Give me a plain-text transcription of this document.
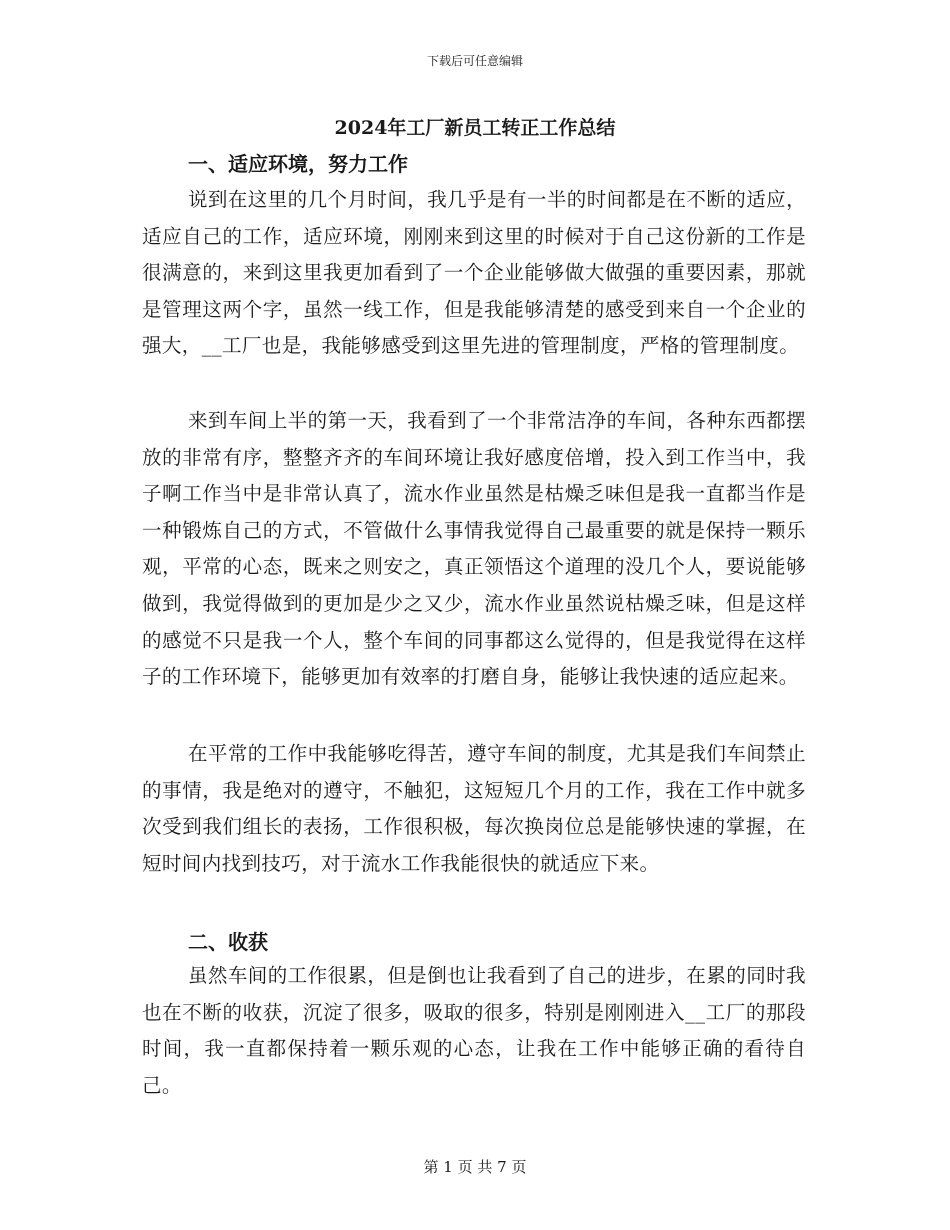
下载后可任意编辑
2024年工厂新员工转正工作总结
一、适应环境，努力工作
说到在这里的几个月时间，我几乎是有一半的时间都是在不断的适应，适应自己的工作，适应环境，刚刚来到这里的时候对于自己这份新的工作是很满意的，来到这里我更加看到了一个企业能够做大做强的重要因素，那就是管理这两个字，虽然一线工作，但是我能够清楚的感受到来自一个企业的强大，__工厂也是，我能够感受到这里先进的管理制度，严格的管理制度。
来到车间上半的第一天，我看到了一个非常洁净的车间，各种东西都摆放的非常有序，整整齐齐的车间环境让我好感度倍增，投入到工作当中，我子啊工作当中是非常认真了，流水作业虽然是枯燥乏味但是我一直都当作是一种锻炼自己的方式，不管做什么事情我觉得自己最重要的就是保持一颗乐观，平常的心态，既来之则安之，真正领悟这个道理的没几个人，要说能够做到，我觉得做到的更加是少之又少，流水作业虽然说枯燥乏味，但是这样的感觉不只是我一个人，整个车间的同事都这么觉得的，但是我觉得在这样子的工作环境下，能够更加有效率的打磨自身，能够让我快速的适应起来。
在平常的工作中我能够吃得苦，遵守车间的制度，尤其是我们车间禁止的事情，我是绝对的遵守，不触犯，这短短几个月的工作，我在工作中就多次受到我们组长的表扬，工作很积极，每次换岗位总是能够快速的掌握，在短时间内找到技巧，对于流水工作我能很快的就适应下来。
二、收获
虽然车间的工作很累，但是倒也让我看到了自己的进步，在累的同时我也在不断的收获，沉淀了很多，吸取的很多，特别是刚刚进入__工厂的那段时间，我一直都保持着一颗乐观的心态，让我在工作中能够正确的看待自己。
第 1 页 共 7 页
